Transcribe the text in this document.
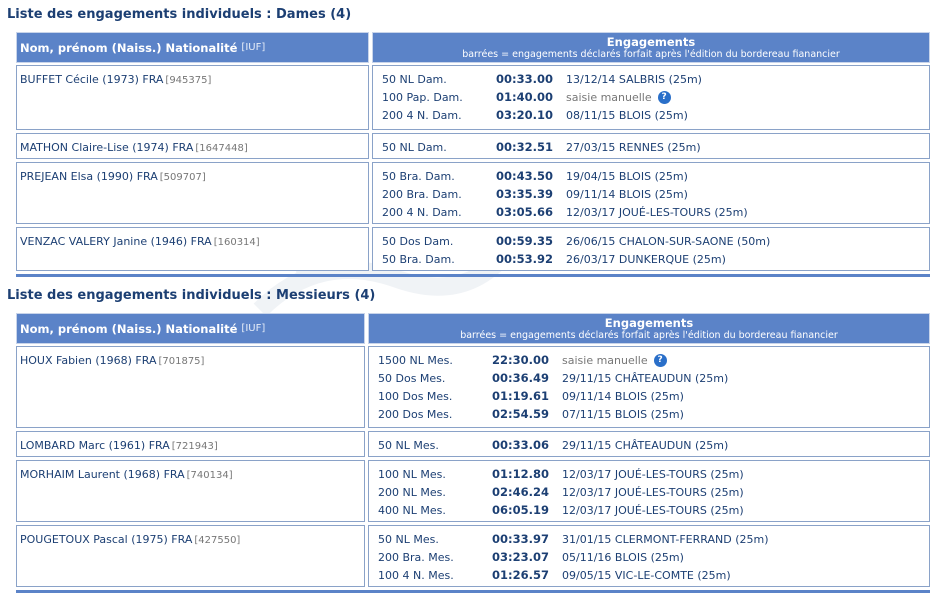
Liste des engagements individuels : Dames (4)
Nom, prénom (Naiss.) Nationalité [IUF]	Engagements
barrées = engagements déclarés forfait après l'édition du bordereau fianancier
BUFFET Cécile (1973) FRA [945375]	50 NL Dam.	00:33.00	13/12/14 SALBRIS (25m)
100 Pap. Dam.	01:40.00	saisie manuelle	?
200 4 N. Dam.	03:20.10	08/11/15 BLOIS (25m)
MATHON Claire-Lise (1974) FRA [1647448]	50 NL Dam.	00:32.51	27/03/15 RENNES (25m)
PREJEAN Elsa (1990) FRA [509707]	50 Bra. Dam.	00:43.50	19/04/15 BLOIS (25m)
200 Bra. Dam.	03:35.39	09/11/14 BLOIS (25m)
200 4 N. Dam.	03:05.66	12/03/17 JOUÉ-LES-TOURS (25m)
VENZAC VALERY Janine (1946) FRA [160314]	50 Dos Dam.	00:59.35	26/06/15 CHALON-SUR-SAONE (50m)
50 Bra. Dam.	00:53.92	26/03/17 DUNKERQUE (25m)
Liste des engagements individuels : Messieurs (4)
Nom, prénom (Naiss.) Nationalité [IUF]	Engagements
barrées = engagements déclarés forfait après l'édition du bordereau fianancier
HOUX Fabien (1968) FRA [701875]	1500 NL Mes.	22:30.00	saisie manuelle	?
50 Dos Mes.	00:36.49	29/11/15 CHÂTEAUDUN (25m)
100 Dos Mes.	01:19.61	09/11/14 BLOIS (25m)
200 Dos Mes.	02:54.59	07/11/15 BLOIS (25m)
LOMBARD Marc (1961) FRA [721943]	50 NL Mes.	00:33.06	29/11/15 CHÂTEAUDUN (25m)
MORHAIM Laurent (1968) FRA [740134]	100 NL Mes.	01:12.80	12/03/17 JOUÉ-LES-TOURS (25m)
200 NL Mes.	02:46.24	12/03/17 JOUÉ-LES-TOURS (25m)
400 NL Mes.	06:05.19	12/03/17 JOUÉ-LES-TOURS (25m)
POUGETOUX Pascal (1975) FRA [427550]	50 NL Mes.	00:33.97	31/01/15 CLERMONT-FERRAND (25m)
200 Bra. Mes.	03:23.07	05/11/16 BLOIS (25m)
100 4 N. Mes.	01:26.57	09/05/15 VIC-LE-COMTE (25m)
